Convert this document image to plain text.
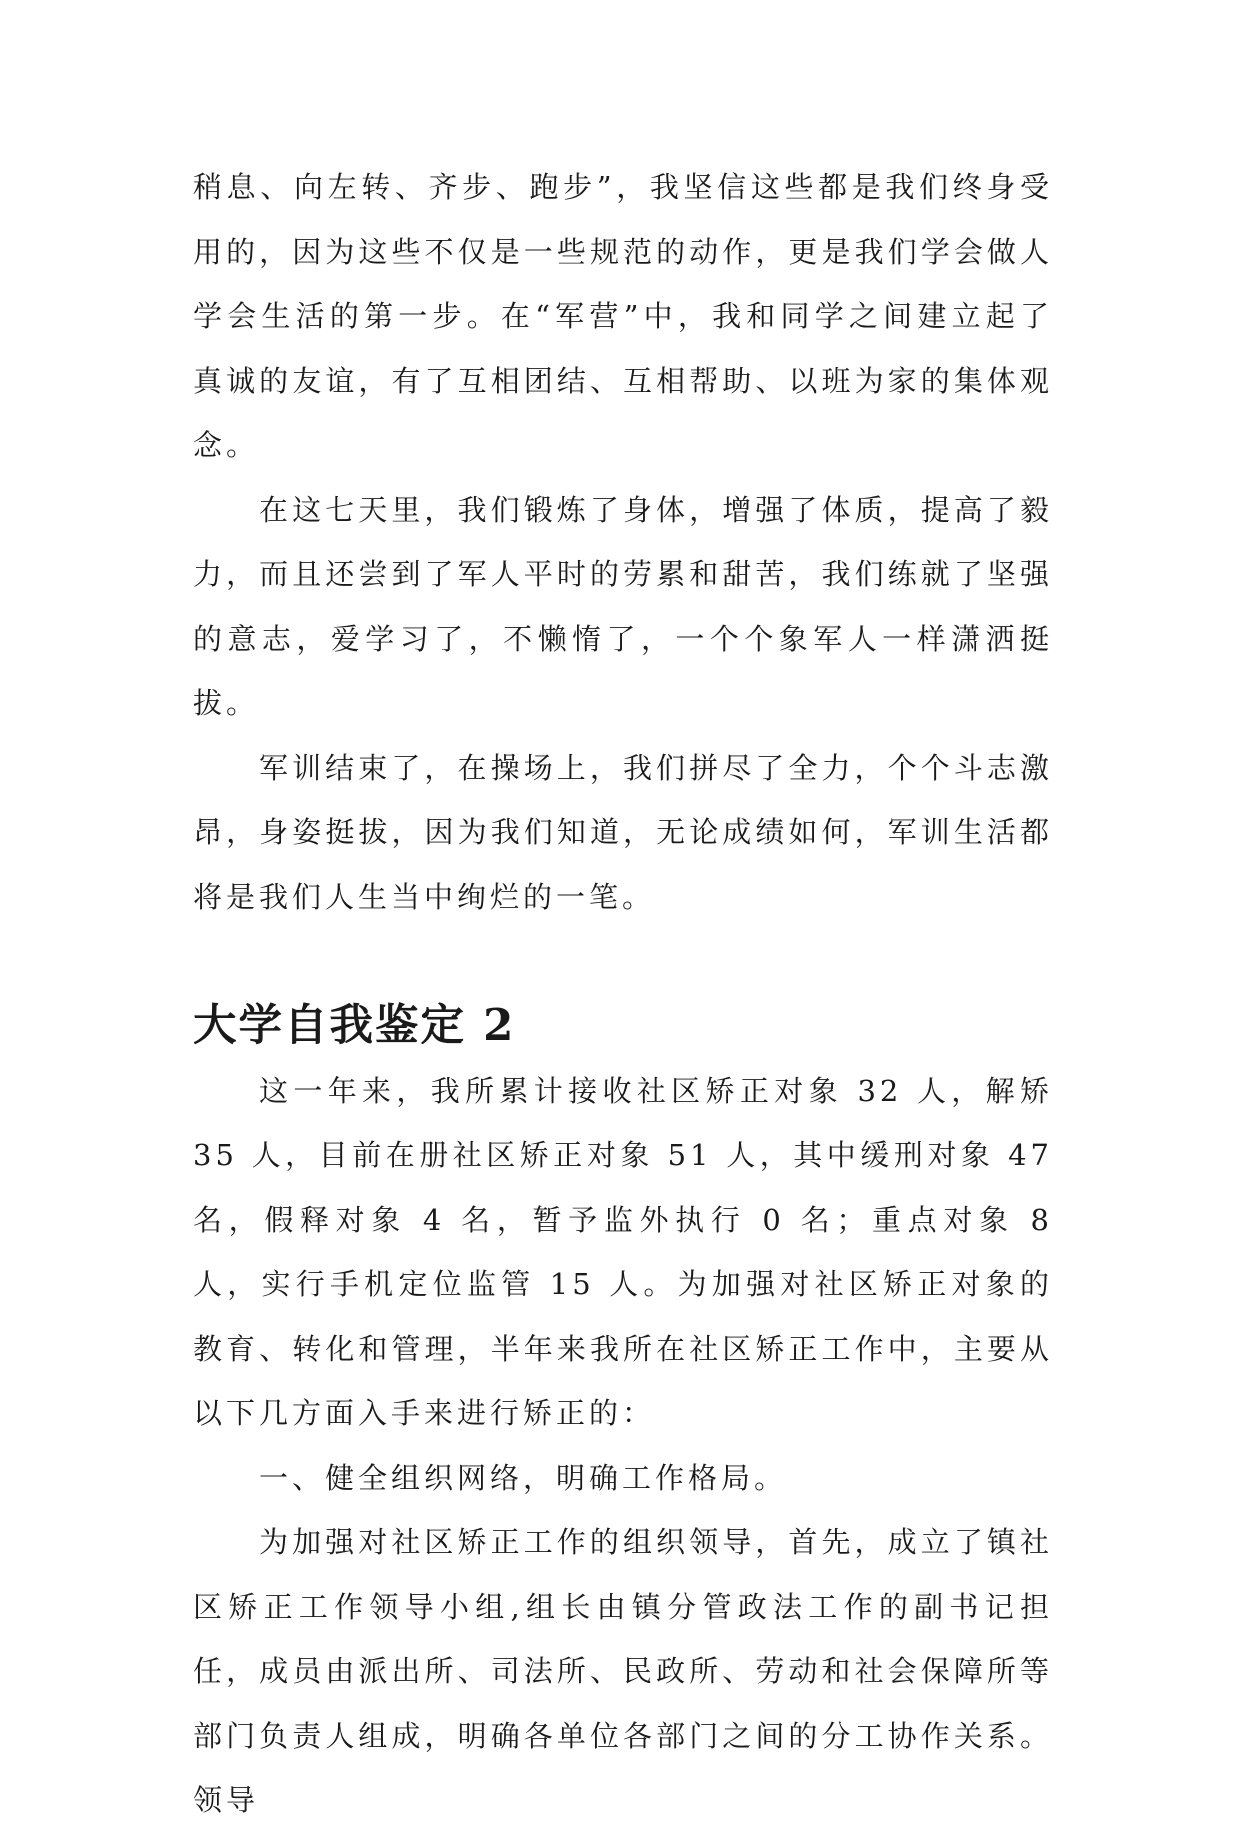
稍息、向左转、齐步、跑步”，我坚信这些都是我们终身受用的，因为这些不仅是一些规范的动作，更是我们学会做人学会生活的第一步。在“军营”中，我和同学之间建立起了真诚的友谊，有了互相团结、互相帮助、以班为家的集体观念。

在这七天里，我们锻炼了身体，增强了体质，提高了毅力，而且还尝到了军人平时的劳累和甜苦，我们练就了坚强的意志，爱学习了，不懒惰了，一个个象军人一样潇洒挺拔。

军训结束了，在操场上，我们拼尽了全力，个个斗志激昂，身姿挺拔，因为我们知道，无论成绩如何，军训生活都将是我们人生当中绚烂的一笔。

大学自我鉴定 2

这一年来，我所累计接收社区矫正对象 32 人，解矫 35 人，目前在册社区矫正对象 51 人，其中缓刑对象 47 名，假释对象 4 名，暂予监外执行 0 名；重点对象 8 人，实行手机定位监管 15 人。为加强对社区矫正对象的教育、转化和管理，半年来我所在社区矫正工作中，主要从以下几方面入手来进行矫正的：

一、健全组织网络，明确工作格局。

为加强对社区矫正工作的组织领导，首先，成立了镇社区矫正工作领导小组,组长由镇分管政法工作的副书记担任，成员由派出所、司法所、民政所、劳动和社会保障所等部门负责人组成，明确各单位各部门之间的分工协作关系。领导
